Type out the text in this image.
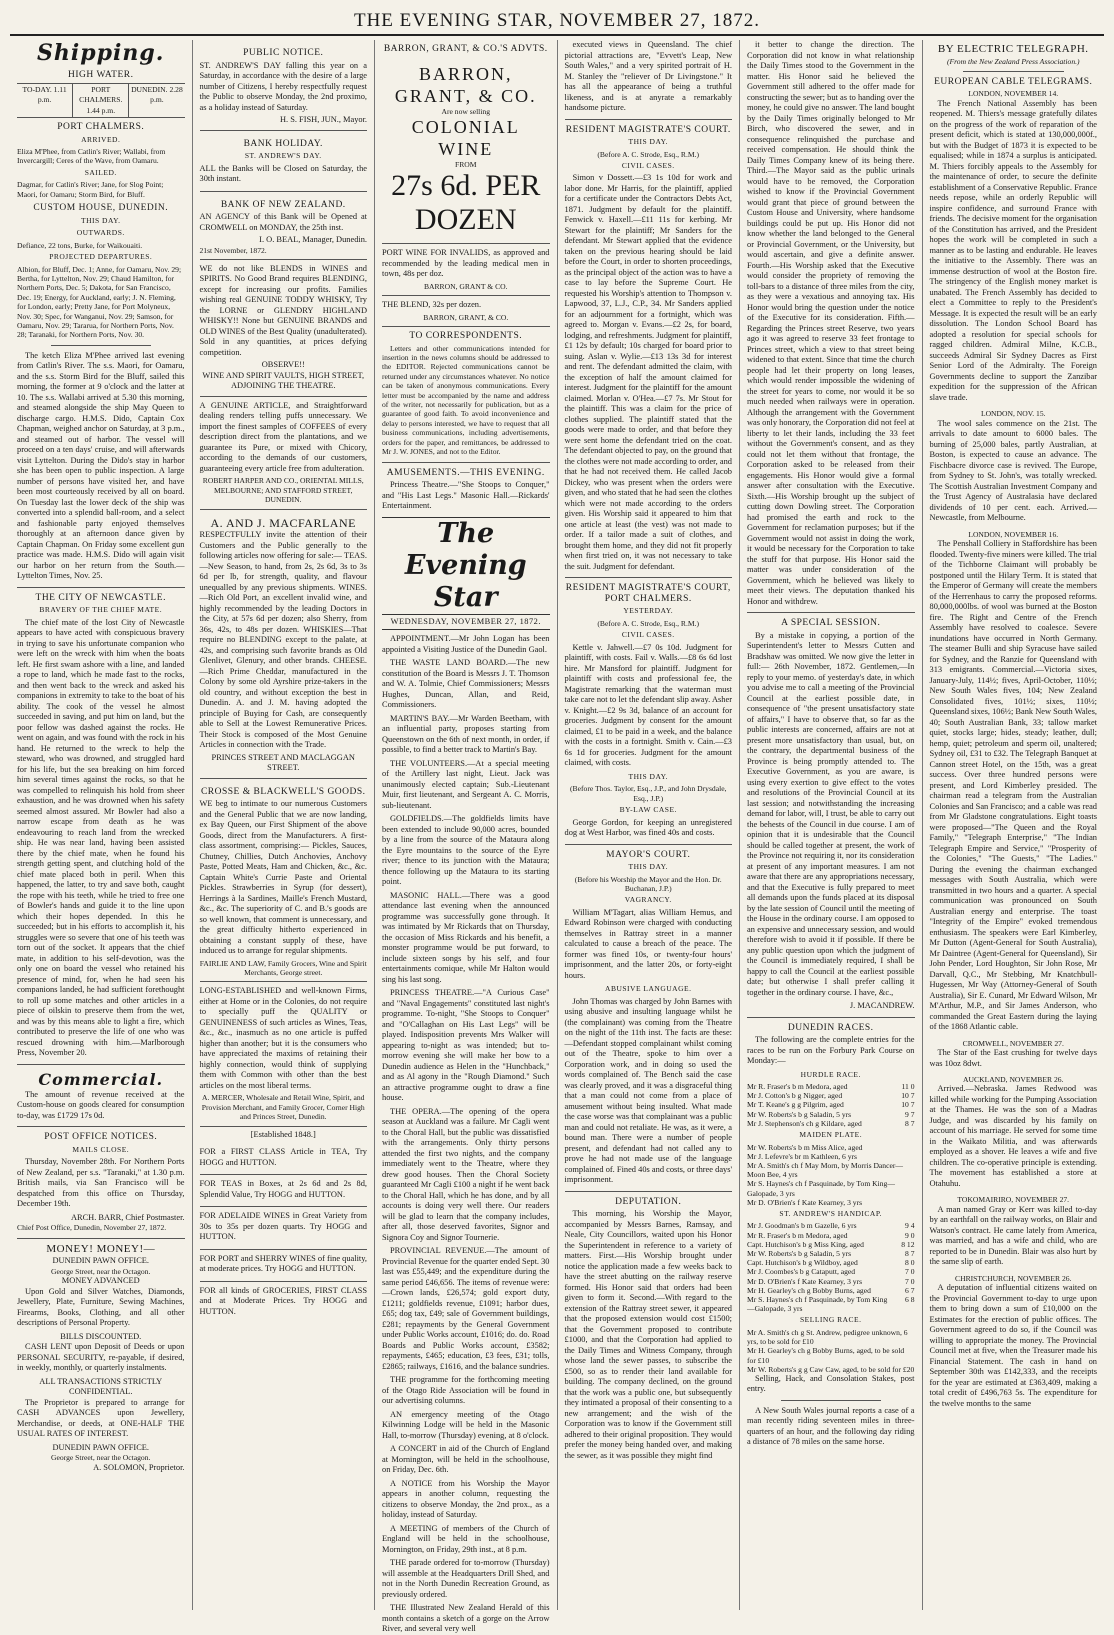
THE EVENING STAR, NOVEMBER 27, 1872.
Shipping.
HIGH WATER.
TO-DAY. 1.11 p.m.
PORT CHALMERS. 1.44 p.m.
DUNEDIN. 2.28 p.m.
PORT CHALMERS.
ARRIVED.
Eliza M'Phee, from Catlin's River; Wallabi, from Invercargill; Ceres of the Wave, from Oamaru.
SAILED.
Dagmar, for Catlin's River; Jane, for Slog Point; Maori, for Oamaru; Storm Bird, for Bluff.
CUSTOM HOUSE, DUNEDIN.
THIS DAY.
OUTWARDS.
Defiance, 22 tons, Burke, for Waikouaiti.
PROJECTED DEPARTURES.
Albion, for Bluff, Dec. 1; Anne, for Oamaru, Nov. 29; Bertha, for Lyttelton, Nov. 29; Chaud Hamilton, for Northern Ports, Dec. 5; Dakota, for San Francisco, Dec. 19; Energy, for Auckland, early; J. N. Fleming, for London, early; Pretty Jane, for Port Molyneux, Nov. 30; Spec, for Wanganui, Nov. 29; Samson, for Oamaru, Nov. 29; Tararua, for Northern Ports, Nov. 28; Taranaki, for Northern Ports, Nov. 30.

The ketch Eliza M'Phee arrived last evening from Catlin's River. The s.s. Maori, for Oamaru, and the s.s. Storm Bird for the Bluff, sailed this morning, the former at 9 o'clock and the latter at 10. The s.s. Wallabi arrived at 5.30 this morning, and steamed alongside the ship May Queen to discharge cargo. H.M.S. Dido, Captain Cox Chapman, weighed anchor on Saturday, at 3 p.m., and steamed out of harbor. The vessel will proceed on a ten days' cruise, and will afterwards visit Lyttelton. During the Dido's stay in harbor she has been open to public inspection. A large number of persons have visited her, and have been most courteously received by all on board. On Tuesday last the lower deck of the ship was converted into a splendid ball-room, and a select and fashionable party enjoyed themselves thoroughly at an afternoon dance given by Captain Chapman. On Friday some excellent gun practice was made. H.M.S. Dido will again visit our harbor on her return from the South.—Lyttelton Times, Nov. 25.

THE CITY OF NEWCASTLE.
BRAVERY OF THE CHIEF MATE.

The chief mate of the lost City of Newcastle appears to have acted with conspicuous bravery in trying to save his unfortunate companion who were left on the wreck with him when the boats left. He first swam ashore with a line, and landed a rope to land, which he made fast to the rocks, and then went back to the wreck and asked his companions in extremity to take to the boat of his ability. The cook of the vessel he almost succeeded in saving, and put him on land, but the poor fellow was dashed against the rocks. He went on again, and was found with the rock in his hand. He returned to the wreck to help the steward, who was drowned, and struggled hard for his life, but the sea breaking on him forced him several times against the rocks, so that he was compelled to relinquish his hold from sheer exhaustion, and he was drowned when his safety seemed almost assured. Mr Bowler had also a narrow escape from death as he was endeavouring to reach land from the wrecked ship. He was near land, having been assisted there by the chief mate, when he found his strength getting spent, and clutching hold of the chief mate placed both in peril. When this happened, the latter, to try and save both, caught the rope with his teeth, while he tried to free one of Bowler's hands and guide it to the line upon which their hopes depended. In this he succeeded; but in his efforts to accomplish it, his struggles were so severe that one of his teeth was torn out of the socket. It appears that the chief mate, in addition to his self-devotion, was the only one on board the vessel who retained his presence of mind, for, when he had seen his companions landed, he had sufficient forethought to roll up some matches and other articles in a piece of oilskin to preserve them from the wet, and was by this means able to light a fire, which contributed to preserve the life of one who was rescued drowning with him.—Marlborough Press, November 20.

Commercial.

The amount of revenue received at the Custom-house on goods cleared for consumption to-day, was £1729 17s 0d.

POST OFFICE NOTICES.
MAILS CLOSE.

Thursday, November 28th. For Northern Ports of New Zealand, per s.s. "Taranaki," at 1.30 p.m. British mails, via San Francisco will be despatched from this office on Thursday, December 19th.

ARCH. BARR, Chief Postmaster.
Chief Post Office, Dunedin, November 27, 1872.
MONEY! MONEY!—
DUNEDIN PAWN OFFICE.
George Street, near the Octagon.
MONEY ADVANCED

Upon Gold and Silver Watches, Diamonds, Jewellery, Plate, Furniture, Sewing Machines, Firearms, Books, Clothing, and all other descriptions of Personal Property.

BILLS DISCOUNTED.

CASH LENT upon Deposit of Deeds or upon PERSONAL SECURITY, re-payable, if desired, in weekly, monthly, or quarterly instalments.

ALL TRANSACTIONS STRICTLY CONFIDENTIAL.

The Proprietor is prepared to arrange for CASH ADVANCES upon Jewellery, Merchandise, or deeds, at ONE-HALF THE USUAL RATES OF INTEREST.

DUNEDIN PAWN OFFICE.
George Street, near the Octagon.
A. SOLOMON, Proprietor.
PUBLIC NOTICE.

ST. ANDREW'S DAY falling this year on a Saturday, in accordance with the desire of a large number of Citizens, I hereby respectfully request the Public to observe Monday, the 2nd proximo, as a holiday instead of Saturday.

H. S. FISH, JUN., Mayor.
BANK HOLIDAY.
ST. ANDREW'S DAY.

ALL the Banks will be Closed on Saturday, the 30th instant.

BANK OF NEW ZEALAND.

AN AGENCY of this Bank will be Opened at CROMWELL on MONDAY, the 25th inst.

I. O. BEAL, Manager, Dunedin.
21st November, 1872.

WE do not like BLENDS in WINES and SPIRITS. No Good Brand requires BLENDING, except for increasing our profits. Families wishing real GENUINE TODDY WHISKY, Try the LORNE or GLENDRY HIGHLAND WHISKY!! None but GENUINE BRANDS and OLD WINES of the Best Quality (unadulterated). Sold in any quantities, at prices defying competition.

OBSERVE!!
WINE AND SPIRIT VAULTS, HIGH STREET, ADJOINING THE THEATRE.

A GENUINE ARTICLE, and Straightforward dealing renders telling puffs unnecessary. We import the finest samples of COFFEES of every description direct from the plantations, and we guarantee its Pure, or mixed with Chicory, according to the demands of our customers, guaranteeing every article free from adulteration.

ROBERT HARPER AND CO., ORIENTAL MILLS, MELBOURNE; AND STAFFORD STREET, DUNEDIN.
A. AND J. MACFARLANE

RESPECTFULLY invite the attention of their Customers and the Public generally to the following articles now offering for sale:— TEAS.—New Season, to hand, from 2s, 2s 6d, 3s to 3s 6d per lb, for strength, quality, and flavour unequalled by any previous shipments. WINES.—Rich Old Port, an excellent invalid wine, and highly recommended by the leading Doctors in the City, at 57s 6d per dozen; also Sherry, from 36s, 42s, to 48s per dozen. WHISKIES—That require no BLENDING except to the palate, at 42s, and comprising such favorite brands as Old Glenlivet, Glenury, and other brands. CHEESE.—Rich Prime Cheddar, manufactured in the Colony by some old Ayrshire prize-takers in the old country, and without exception the best in Dunedin. A. and J. M. having adopted the principle of Buying for Cash, are consequently able to Sell at the Lowest Remunerative Prices. Their Stock is composed of the Most Genuine Articles in connection with the Trade.

PRINCES STREET AND MACLAGGAN STREET.
CROSSE & BLACKWELL'S GOODS.

WE beg to intimate to our numerous Customers and the General Public that we are now landing, ex Bay Queen, our First Shipment of the above Goods, direct from the Manufacturers. A first-class assortment, comprising:— Pickles, Sauces, Chutney, Chillies, Dutch Anchovies, Anchovy Paste, Potted Meats, Ham and Chicken, &c., &c. Captain White's Currie Paste and Oriental Pickles. Strawberries in Syrup (for dessert), Herrings à la Sardines, Maille's French Mustard, &c., &c. The superiority of C. and B.'s goods are so well known, that comment is unnecessary, and the great difficulty hitherto experienced in obtaining a constant supply of these, have induced us to arrange for regular shipments.

FAIRLIE AND LAW, Family Grocers, Wine and Spirit Merchants, George street.

LONG-ESTABLISHED and well-known Firms, either at Home or in the Colonies, do not require to specially puff the QUALITY or GENUINENESS of such articles as Wines, Teas, &c., &c., inasmuch as no one article is puffed higher than another; but it is the consumers who have appreciated the maxims of retaining their highly connection, would think of supplying them with Common with other than the best articles on the most liberal terms.

A. MERCER, Wholesale and Retail Wine, Spirit, and Provision Merchant, and Family Grocer, Corner High and Princes Street, Dunedin.
[Established 1848.]

FOR a FIRST CLASS Article in TEA, Try HOGG and HUTTON.

FOR TEAS in Boxes, at 2s 6d and 2s 8d, Splendid Value, Try HOGG and HUTTON.

FOR ADELAIDE WINES in Great Variety from 30s to 35s per dozen quarts. Try HOGG and HUTTON.

FOR PORT and SHERRY WINES of fine quality, at moderate prices. Try HOGG and HUTTON.

FOR all kinds of GROCERIES, FIRST CLASS and at Moderate Prices. Try HOGG and HUTTON.

BARRON, GRANT, & CO.'S ADVTS.
BARRON, GRANT, & CO.
Are now selling
COLONIAL WINE
FROM
27s 6d. PER DOZEN

PORT WINE FOR INVALIDS, as approved and recommended by the leading medical men in town, 48s per doz.

BARRON, GRANT & CO.

THE BLEND, 32s per dozen.

BARRON, GRANT, & CO.
TO CORRESPONDENTS.

Letters and other communications intended for insertion in the news columns should be addressed to the EDITOR. Rejected communications cannot be returned under any circumstances whatever. No notice can be taken of anonymous communications. Every letter must be accompanied by the name and address of the writer, not necessarily for publication, but as a guarantee of good faith. To avoid inconvenience and delay to persons interested, we have to request that all business communications, including advertisements, orders for the paper, and remittances, be addressed to Mr J. W. JONES, and not to the Editor.

AMUSEMENTS.—THIS EVENING.

Princess Theatre.—"She Stoops to Conquer," and "His Last Legs." Masonic Hall.—Rickards' Entertainment.

The Evening Star
WEDNESDAY, NOVEMBER 27, 1872.

APPOINTMENT.—Mr John Logan has been appointed a Visiting Justice of the Dunedin Gaol.

THE WASTE LAND BOARD.—The new constitution of the Board is Messrs J. T. Thomson and W. A. Tolmie, Chief Commissioners; Messrs Hughes, Duncan, Allan, and Reid, Commissioners.

MARTIN'S BAY.—Mr Warden Beetham, with an influential party, proposes starting from Queenstown on the 6th of next month, in order, if possible, to find a better track to Martin's Bay.

THE VOLUNTEERS.—At a special meeting of the Artillery last night, Lieut. Jack was unanimously elected captain; Sub.-Lieutenant Muir, first lieutenant, and Sergeant A. C. Morris, sub-lieutenant.

GOLDFIELDS.—The goldfields limits have been extended to include 90,000 acres, bounded by a line from the source of the Mataura along the Eyre mountains to the source of the Eyre river; thence to its junction with the Mataura; thence following up the Mataura to its starting point.

MASONIC HALL.—There was a good attendance last evening when the announced programme was successfully gone through. It was intimated by Mr Rickards that on Thursday, the occasion of Miss Rickards and his benefit, a monster programme would be put forward, to include sixteen songs by his self, and four entertainments comique, while Mr Halton would sing his last song.

PRINCESS THEATRE.—"A Curious Case" and "Naval Engagements" constituted last night's programme. To-night, "She Stoops to Conquer" and "O'Callaghan on His Last Legs" will be played. Indisposition prevents Mrs Walker will appearing to-night as was intended; but to-morrow evening she will make her bow to a Dunedin audience as Helen in the "Hunchback," and as Al agony in the "Rough Diamond." Such an attractive programme ought to draw a fine house.

THE OPERA.—The opening of the opera season at Auckland was a failure. Mr Cagli went to the Choral Hall, but the public was dissatisfied with the arrangements. Only thirty persons attended the first two nights, and the company immediately went to the Theatre, where they drew good houses. Then the Choral Society guaranteed Mr Cagli £100 a night if he went back to the Choral Hall, which he has done, and by all accounts is doing very well there. Our readers will be glad to learn that the company includes, after all, those deserved favorites, Signor and Signora Coy and Signor Tournerie.

PROVINCIAL REVENUE.—The amount of Provincial Revenue for the quarter ended Sept. 30 last was £55,449; and the expenditure during the same period £46,656. The items of revenue were:—Crown lands, £26,574; gold export duty, £1211; goldfields revenue, £1091; harbor dues, £65; dog tax, £49; sale of Government buildings, £281; repayments by the General Government under Public Works account, £1016; do. do. Road Boards and Public Works account, £3582; repayments, £465; education, £3 fees, £31; tolls, £2865; railways, £1616, and the balance sundries.

THE programme for the forthcoming meeting of the Otago Ride Association will be found in our advertising columns.

AN emergency meeting of the Otago Kilwinning Lodge will be held in the Masonic Hall, to-morrow (Thursday) evening, at 8 o'clock.

A CONCERT in aid of the Church of England at Mornington, will be held in the schoolhouse, on Friday, Dec. 6th.

A NOTICE from his Worship the Mayor appears in another column, requesting the citizens to observe Monday, the 2nd prox., as a holiday, instead of Saturday.

A MEETING of members of the Church of England will be held in the schoolhouse, Mornington, on Friday, 29th inst., at 8 p.m.

THE parade ordered for to-morrow (Thursday) will assemble at the Headquarters Drill Shed, and not in the North Dunedin Recreation Ground, as previously ordered.

THE Illustrated New Zealand Herald of this month contains a sketch of a gorge on the Arrow River, and several very well

executed views in Queensland. The chief pictorial attractions are, "Evvett's Leap, New South Wales," and a very spirited portrait of H. M. Stanley the "reliever of Dr Livingstone." It has all the appearance of being a truthful likeness, and is at anyrate a remarkably handsome picture.

RESIDENT MAGISTRATE'S COURT.
THIS DAY.
(Before A. C. Strode, Esq., R.M.)
CIVIL CASES.

Simon v Dossett.—£3 1s 10d for work and labor done. Mr Harris, for the plaintiff, applied for a certificate under the Contractors Debts Act, 1871. Judgment by default for the plaintiff. Fenwick v. Haxell.—£11 11s for kerbing. Mr Stewart for the plaintiff; Mr Sanders for the defendant. Mr Stewart applied that the evidence taken on the previous hearing should be laid before the Court, in order to shorten proceedings, as the principal object of the action was to have a case to lay before the Supreme Court. He requested his Worship's attention to Thompson v. Lapwood, 37, L.J., C.P., 34. Mr Sanders applied for an adjournment for a fortnight, which was agreed to. Morgan v. Evans.—£2 2s, for board, lodging, and refreshments. Judgment for plaintiff, £1 12s by default; 10s charged for board prior to suing. Aslan v. Wylie.—£13 13s 3d for interest and rent. The defendant admitted the claim, with the exception of half the amount claimed for interest. Judgment for the plaintiff for the amount claimed. Morlan v. O'Hea.—£7 7s. Mr Stout for the plaintiff. This was a claim for the price of clothes supplied. The plaintiff stated that the goods were made to order, and that before they were sent home the defendant tried on the coat. The defendant objected to pay, on the ground that the clothes were not made according to order, and that he had not received them. He called Jacob Dickey, who was present when the orders were given, and who stated that he had seen the clothes which were not made according to the orders given. His Worship said it appeared to him that one article at least (the vest) was not made to order. If a tailor made a suit of clothes, and brought them home, and they did not fit properly when first tried on, it was not necessary to take the suit. Judgment for defendant.

RESIDENT MAGISTRATE'S COURT, PORT CHALMERS.
YESTERDAY.
(Before A. C. Strode, Esq., R.M.)
CIVIL CASES.

Kettle v. Jahwell.—£7 0s 10d. Judgment for plaintiff, with costs. Fail v. Walls.—£8 6s 6d lost hire. Mr Mansford for plaintiff. Judgment for plaintiff with costs and professional fee, the Magistrate remarking that the waterman must take care not to let the defendant slip away. Asher v. Knight.—£2 9s 3d, balance of an account for groceries. Judgment by consent for the amount claimed, £1 to be paid in a week, and the balance with the costs in a fortnight. Smith v. Cain.—£3 6s 1d for groceries. Judgment for the amount claimed, with costs.

THIS DAY.
(Before Thos. Taylor, Esq., J.P., and John Drysdale, Esq., J.P.)
BY-LAW CASE.

George Gordon, for keeping an unregistered dog at West Harbor, was fined 40s and costs.

MAYOR'S COURT.
THIS DAY.
(Before his Worship the Mayor and the Hon. Dr. Buchanan, J.P.)
VAGRANCY.

William M'Tagart, alias William Hemus, and Edward Robinson were charged with conducting themselves in Rattray street in a manner calculated to cause a breach of the peace. The former was fined 10s, or twenty-four hours' imprisonment, and the latter 20s, or forty-eight hours.

ABUSIVE LANGUAGE.

John Thomas was charged by John Barnes with using abusive and insulting language whilst he (the complainant) was coming from the Theatre on the night of the 11th inst. The facts are these:—Defendant stopped complainant whilst coming out of the Theatre, spoke to him over a Corporation work, and in doing so used the words complained of. The Bench said the case was clearly proved, and it was a disgraceful thing that a man could not come from a place of amusement without being insulted. What made the case worse was that complainant was a public man and could not retaliate. He was, as it were, a bound man. There were a number of people present, and defendant had not called any to prove he had not made use of the language complained of. Fined 40s and costs, or three days' imprisonment.

DEPUTATION.

This morning, his Worship the Mayor, accompanied by Messrs Barnes, Ramsay, and Neale, City Councillors, waited upon his Honor the Superintendent in reference to a variety of matters. First.—His Worship brought under notice the application made a few weeks back to have the street abutting on the railway reserve formed. His Honor said that orders had been given to form it. Second.—With regard to the extension of the Rattray street sewer, it appeared that the proposed extension would cost £1500; that the Government proposed to contribute £1000, and that the Corporation had applied to the Daily Times and Witness Company, through whose land the sewer passes, to subscribe the £500, so as to render their land available for building. The company declined, on the ground that the work was a public one, but subsequently they intimated a proposal of their consenting to a new arrangement; and the wish of the Corporation was to know if the Government still adhered to their original proposition. They would prefer the money being handed over, and making the sewer, as it was possible they might find

it better to change the direction. The Corporation did not know in what relationship the Daily Times stood to the Government in the matter. His Honor said he believed the Government still adhered to the offer made for constructing the sewer; but as to handing over the money, he could give no answer. The land bought by the Daily Times originally belonged to Mr Birch, who discovered the sewer, and in consequence relinquished the purchase and received compensation. He should think the Daily Times Company knew of its being there. Third.—The Mayor said as the public urinals would have to be removed, the Corporation wished to know if the Provincial Government would grant that piece of ground between the Custom House and University, where handsome buildings could be put up. His Honor did not know whether the land belonged to the General or Provincial Government, or the University, but would ascertain, and give a definite answer. Fourth.—His Worship asked that the Executive would consider the propriety of removing the toll-bars to a distance of three miles from the city, as they were a vexatious and annoying tax. His Honor would bring the question under the notice of the Executive for its consideration. Fifth.—Regarding the Princes street Reserve, two years ago it was agreed to reserve 33 feet frontage to Princes street, which a view to that street being widened to that extent. Since that time the church people had let their property on long leases, which would render impossible the widening of the street for years to come, nor would it be so much needed when railways were in operation. Although the arrangement with the Government was only honorary, the Corporation did not feel at liberty to let their lands, including the 33 feet without the Government's consent, and as they could not let them without that frontage, the Corporation asked to be released from their engagements. His Honor would give a formal answer after consultation with the Executive. Sixth.—His Worship brought up the subject of cutting down Dowling street. The Corporation had promised the earth and rock to the Government for reclamation purposes; but if the Government would not assist in doing the work, it would be necessary for the Corporation to take the stuff for that purpose. His Honor said the matter was under consideration of the Government, which he believed was likely to meet their views. The deputation thanked his Honor and withdrew.

A SPECIAL SESSION.

By a mistake in copying, a portion of the Superintendent's letter to Messrs Cutten and Bradshaw was omitted. We now give the letter in full:— 26th November, 1872. Gentlemen,—In reply to your memo. of yesterday's date, in which you advise me to call a meeting of the Provincial Council at the earliest possible date, in consequence of "the present unsatisfactory state of affairs," I have to observe that, so far as the public interests are concerned, affairs are not at present more unsatisfactory than usual, but, on the contrary, the departmental business of the Province is being promptly attended to. The Executive Government, as you are aware, is using every exertion to give effect to the votes and resolutions of the Provincial Council at its last session; and notwithstanding the increasing demand for labor, will, I trust, be able to carry out the behests of the Council in due course. I am of opinion that it is undesirable that the Council should be called together at present, the work of the Province not requiring it, nor its consideration at present of any important measures. I am not aware that there are any appropriations necessary, and that the Executive is fully prepared to meet all demands upon the funds placed at its disposal by the late session of Council until the meeting of the House in the ordinary course. I am opposed to an expensive and unnecessary session, and would therefore wish to avoid it if possible. If there be any public question upon which the judgment of the Council is immediately required, I shall be happy to call the Council at the earliest possible date; but otherwise I shall prefer calling it together in the ordinary course. I have, &c.,

J. MACANDREW.
DUNEDIN RACES.

The following are the complete entries for the races to be run on the Forbury Park Course on Monday:—

HURDLE RACE.
Mr R. Fraser's b m Medora, aged	11 0
Mr J. Cotton's b g Nigger, aged	10 7
Mr T. Keane's g g Pilgrim, aged	10 7
Mr W. Roberts's b g Saladin, 5 yrs	9 7
Mr J. Stephenson's ch g Kildare, aged	8 7
MAIDEN PLATE.
Mr W. Roberts's b m Miss Alice, aged
Mr J. Lefevre's br m Kathleen, 6 yrs
Mr A. Smith's ch f May Morn, by Morris Dancer—Moon Bee, 4 yrs
Mr S. Haynes's ch f Pasquinade, by Tom King—Galopade, 3 yrs
Mr D. O'Brien's f Kate Kearney, 3 yrs
ST. ANDREW'S HANDICAP.
Mr J. Goodman's b m Gazelle, 6 yrs	9 4
Mr R. Fraser's b m Medora, aged	9 0
Capt. Hutchison's b g Miss King, aged	8 12
Mr W. Roberts's b g Saladin, 5 yrs	8 7
Capt. Hutchison's b g Wildboy, aged	8 0
Mr J. Coombes's b g Cataputt, aged	7 0
Mr D. O'Brien's f Kate Kearney, 3 yrs	7 0
Mr H. Gearley's ch g Bobby Burns, aged	6 7
Mr S. Haynes's ch f Pasquinade, by Tom King—Galopade, 3 yrs	6 8
SELLING RACE.
Mr A. Smith's ch g St. Andrew, pedigree unknown, 6 yrs, to be sold for £10
Mr H. Gearley's ch g Bobby Burns, aged, to be sold for £10
Mr W. Roberts's g g Caw Caw, aged, to be sold for £20

Selling, Hack, and Consolation Stakes, post entry.

A New South Wales journal reports a case of a man recently riding seventeen miles in three-quarters of an hour, and the following day riding a distance of 78 miles on the same horse.

BY ELECTRIC TELEGRAPH.
(From the New Zealand Press Association.)
EUROPEAN CABLE TELEGRAMS.
LONDON, NOVEMBER 14.

The French National Assembly has been reopened. M. Thiers's message gratefully dilates on the progress of the work of reparation of the present deficit, which is stated at 130,000,000f., but with the Budget of 1873 it is expected to be equalised; while in 1874 a surplus is anticipated. M. Thiers forcibly appeals to the Assembly for the maintenance of order, to secure the definite establishment of a Conservative Republic. France needs repose, while an orderly Republic will inspire confidence, and surround France with friends. The decisive moment for the organisation of the Constitution has arrived, and the President hopes the work will be completed in such a manner as to be lasting and endurable. He leaves the initiative to the Assembly. There was an immense destruction of wool at the Boston fire. The stringency of the English money market is unabated. The French Assembly has decided to elect a Committee to reply to the President's Message. It is expected the result will be an early dissolution. The London School Board has adopted a resolution for special schools for ragged children. Admiral Milne, K.C.B., succeeds Admiral Sir Sydney Dacres as First Senior Lord of the Admiralty. The Foreign Governments decline to support the Zanzibar expedition for the suppression of the African slave trade.

LONDON, NOV. 15.

The wool sales commence on the 21st. The arrivals to date amount to 6000 bales. The burning of 25,000 bales, partly Australian, at Boston, is expected to cause an advance. The Fischbacre divorce case is revived. The Europe, from Sydney to St. John's, was totally wrecked. The Scottish Australian Investment Company and the Trust Agency of Australasia have declared dividends of 10 per cent. each. Arrived.—Newcastle, from Melbourne.

LONDON, NOVEMBER 16.

The Penshall Colliery in Staffordshire has been flooded. Twenty-five miners were killed. The trial of the Tichborne Claimant will probably be postponed until the Hilary Term. It is stated that the Emperor of Germany will create the members of the Herrenhaus to carry the proposed reforms. 80,000,000lbs. of wool was burned at the Boston fire. The Right and Centre of the French Assembly have resolved to coalesce. Severe inundations have occurred in North Germany. The steamer Bulli and ship Syracuse have sailed for Sydney, and the Ranzie for Queensland with 313 emigrants. Commercial.—Victoria sixes, January-July, 114½; fives, April-October, 110½; New South Wales fives, 104; New Zealand Consolidated fives, 101½; sixes, 110½; Queensland sixes, 106½; Bank New South Wales, 40; South Australian Bank, 33; tallow market quiet, stocks large; hides, steady; leather, dull; hemp, quiet; petroleum and sperm oil, unaltered; Sydney oil, £31 to £32. The Telegraph Banquet at Cannon street Hotel, on the 15th, was a great success. Over three hundred persons were present, and Lord Kimberley presided. The chairman read a telegram from the Australian Colonies and San Francisco; and a cable was read from Mr Gladstone congratulations. Eight toasts were proposed—"The Queen and the Royal Family," "Telegraph Enterprise," "The Indian Telegraph Empire and Service," "Prosperity of the Colonies," "The Guests," "The Ladies." During the evening the chairman exchanged messages with South Australia, which were transmitted in two hours and a quarter. A special communication was pronounced on South Australian energy and enterprise. The toast "Integrity of the Empire" evoked tremendous enthusiasm. The speakers were Earl Kimberley, Mr Dutton (Agent-General for South Australia), Mr Daintree (Agent-General for Queensland), Sir John Pender, Lord Houghton, Sir John Rose, Mr Darvall, Q.C., Mr Stebbing, Mr Knatchbull-Hugessen, Mr Way (Attorney-General of South Australia), Sir E. Cunard, Mr Edward Wilson, Mr M'Arthur, M.P., and Sir James Anderson, who commanded the Great Eastern during the laying of the 1868 Atlantic cable.

CROMWELL, NOVEMBER 27.

The Star of the East crushing for twelve days was 10oz 8dwt.

AUCKLAND, NOVEMBER 26.

Arrived.—Nebraska. James Redwood was killed while working for the Pumping Association at the Thames. He was the son of a Madras Judge, and was discarded by his family on account of his marriage. He served for some time in the Waikato Militia, and was afterwards employed as a shover. He leaves a wife and five children. The co-operative principle is extending. The movement has established a store at Otahuhu.

TOKOMAIRIRO, NOVEMBER 27.

A man named Gray or Kerr was killed to-day by an earthfall on the railway works, on Blair and Watson's contract. He came lately from America, was married, and has a wife and child, who are reported to be in Dunedin. Blair was also hurt by the same slip of earth.

CHRISTCHURCH, NOVEMBER 26.

A deputation of influential citizens waited on the Provincial Government to-day to urge upon them to bring down a sum of £10,000 on the Estimates for the erection of public offices. The Government agreed to do so, if the Council was willing to appropriate the money. The Provincial Council met at five, when the Treasurer made his Financial Statement. The cash in hand on September 30th was £142,333, and the receipts for the year are estimated at £363,409, making a total credit of £496,763 5s. The expenditure for the twelve months to the same
